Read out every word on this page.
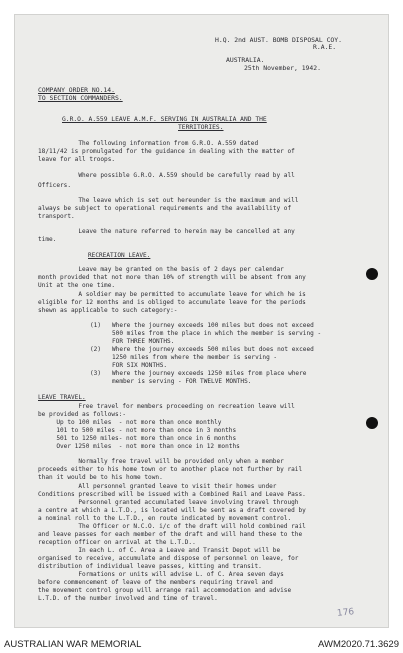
H.Q. 2nd AUST. BOMB DISPOSAL COY.
R.A.E.
AUSTRALIA.
25th November, 1942.
COMPANY ORDER NO.14.
TO SECTION COMMANDERS.
G.R.O. A.559 LEAVE A.M.F. SERVING IN AUSTRALIA AND THE
TERRITORIES.
The following information from G.R.O. A.559 dated
18/11/42 is promulgated for the guidance in dealing with the matter of
leave for all troops.
Where possible G.R.O. A.559 should be carefully read by all
Officers.
The leave which is set out hereunder is the maximum and will
always be subject to operational requirements and the availability of
transport.
Leave the nature referred to herein may be cancelled at any
time.
RECREATION LEAVE.
Leave may be granted on the basis of 2 days per calendar
month provided that not more than 10% of strength will be absent from any
Unit at the one time.
A soldier may be permitted to accumulate leave for which he is
eligible for 12 months and is obliged to accumulate leave for the periods
shewn as applicable to such category:-
(1) Where the journey exceeds 100 miles but does not exceed
500 miles from the place in which the member is serving -
FOR THREE MONTHS.
(2) Where the journey exceeds 500 miles but does not exceed
1250 miles from where the member is serving -
FOR SIX MONTHS.
(3) Where the journey exceeds 1250 miles from place where
member is serving - FOR TWELVE MONTHS.
LEAVE TRAVEL.
Free travel for members proceeding on recreation leave will
be provided as follows:-
Up to 100 miles  - not more than once monthly
101 to 500 miles - not more than once in 3 months
501 to 1250 miles- not more than once in 6 months
Over 1250 miles  - not more than once in 12 months
Normally free travel will be provided only when a member
proceeds either to his home town or to another place not further by rail
than it would be to his home town.
All personnel granted leave to visit their homes under
Conditions prescribed will be issued with a Combined Rail and Leave Pass.
Personnel granted accumulated leave involving travel through
a centre at which a L.T.D., is located will be sent as a draft covered by
a nominal roll to the L.T.D., en route indicated by movement control.
The Officer or N.C.O. i/c of the draft will hold combined rail
and leave passes for each member of the draft and will hand these to the
reception officer on arrival at the L.T.D..
In each L. of C. Area a Leave and Transit Depot will be
organised to receive, accumulate and dispose of personnel on leave, for
distribution of individual leave passes, kitting and transit.
Formations or units will advise L. of C. Area seven days
before commencement of leave of the members requiring travel and
the movement control group will arrange rail accommodation and advise
L.T.D. of the number involved and time of travel.
176
AUSTRALIAN WAR MEMORIAL	AWM2020.71.3629
